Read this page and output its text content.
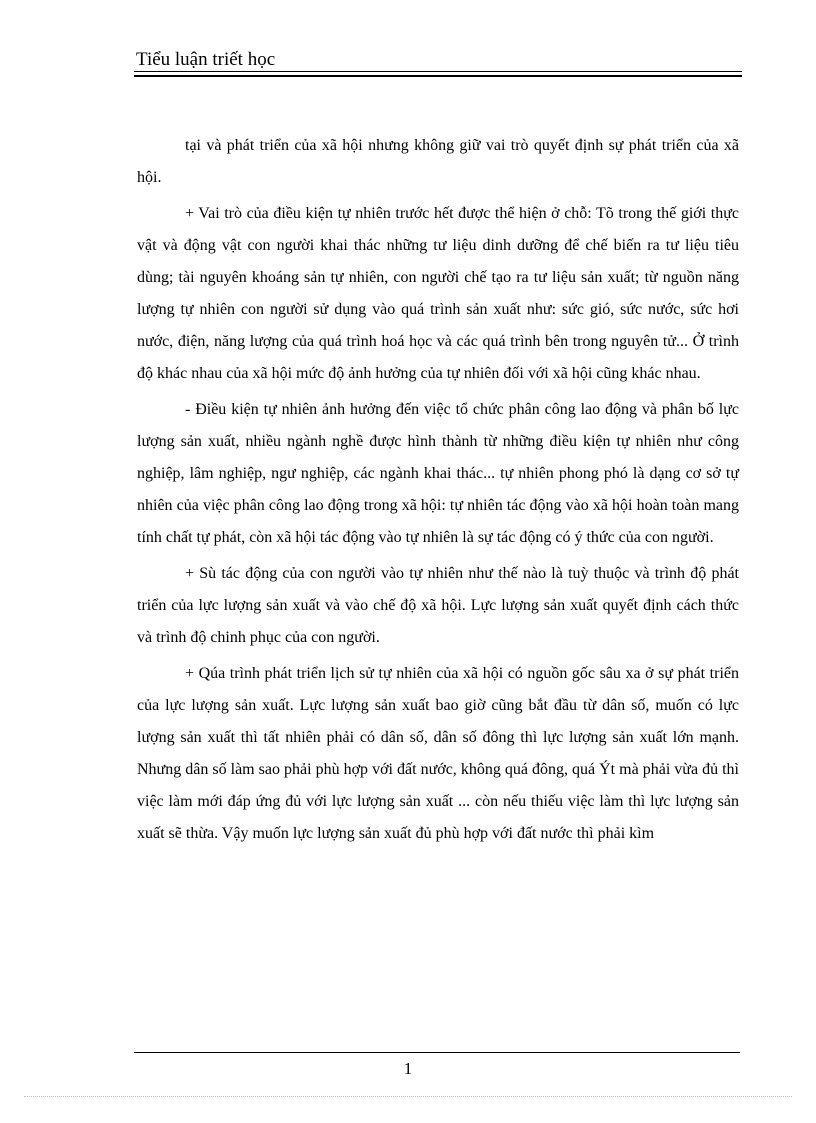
Tiểu luận triết học

tại và phát triển của xã hội nhưng không giữ vai trò quyết định sự phát triển của xã hội.

+ Vai trò của điều kiện tự nhiên trước hết được thể hiện ở chỗ: Tõ trong thế giới thực vật và động vật con người khai thác những tư liệu dinh dưỡng để chế biến ra tư liệu tiêu dùng; tài nguyên khoáng sản tự nhiên, con người chế tạo ra tư liệu sản xuất; từ nguồn năng lượng tự nhiên con người sử dụng vào quá trình sản xuất như: sức gió, sức nước, sức hơi nước, điện, năng lượng của quá trình hoá học và các quá trình bên trong nguyên tử... Ở trình độ khác nhau của xã hội mức độ ảnh hưởng của tự nhiên đối với xã hội cũng khác nhau.

- Điều kiện tự nhiên ảnh hưởng đến việc tổ chức phân công lao động và phân bố lực lượng sản xuất, nhiều ngành nghề được hình thành từ những điều kiện tự nhiên như công nghiệp, lâm nghiệp, ngư nghiệp, các ngành khai thác... tự nhiên phong phó là dạng cơ sở tự nhiên của việc phân công lao động trong xã hội: tự nhiên tác động vào xã hội hoàn toàn mang tính chất tự phát, còn xã hội tác động vào tự nhiên là sự tác động có ý thức của con người.

+ Sù tác động của con người vào tự nhiên như thế nào là tuỳ thuộc và trình độ phát triển của lực lượng sản xuất và vào chế độ xã hội. Lực lượng sản xuất quyết định cách thức và trình độ chinh phục của con người.

+ Qúa trình phát triển lịch sử tự nhiên của xã hội có nguồn gốc sâu xa ở sự phát triển của lực lượng sản xuất. Lực lượng sản xuất bao giờ cũng bắt đầu từ dân số, muốn có lực lượng sản xuất thì tất nhiên phải có dân số, dân số đông thì lực lượng sản xuất lớn mạnh. Nhưng dân số làm sao phải phù hợp với đất nước, không quá đông, quá Ýt mà phải vừa đủ thì việc làm mới đáp ứng đủ với lực lượng sản xuất ... còn nếu thiếu việc làm thì lực lượng sản xuất sẽ thừa. Vậy muốn lực lượng sản xuất đủ phù hợp với đất nước thì phải kìm

1
